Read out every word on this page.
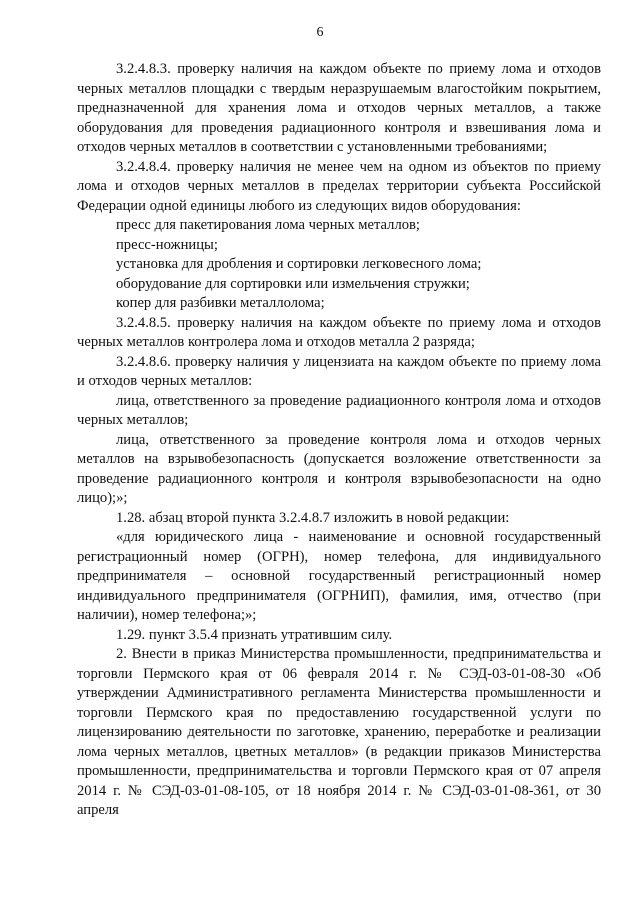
6

3.2.4.8.3. проверку наличия на каждом объекте по приему лома и отходов черных металлов площадки с твердым неразрушаемым влагостойким покрытием, предназначенной для хранения лома и отходов черных металлов, а также оборудования для проведения радиационного контроля и взвешивания лома и отходов черных металлов в соответствии с установленными требованиями;

3.2.4.8.4. проверку наличия не менее чем на одном из объектов по приему лома и отходов черных металлов в пределах территории субъекта Российской Федерации одной единицы любого из следующих видов оборудования:

пресс для пакетирования лома черных металлов;

пресс-ножницы;

установка для дробления и сортировки легковесного лома;

оборудование для сортировки или измельчения стружки;

копер для разбивки металлолома;

3.2.4.8.5. проверку наличия на каждом объекте по приему лома и отходов черных металлов контролера лома и отходов металла 2 разряда;

3.2.4.8.6. проверку наличия у лицензиата на каждом объекте по приему лома и отходов черных металлов:

лица, ответственного за проведение радиационного контроля лома и отходов черных металлов;

лица, ответственного за проведение контроля лома и отходов черных металлов на взрывобезопасность (допускается возложение ответственности за проведение радиационного контроля и контроля взрывобезопасности на одно лицо);»;

1.28. абзац второй пункта 3.2.4.8.7 изложить в новой редакции:

«для юридического лица - наименование и основной государственный регистрационный номер (ОГРН), номер телефона, для индивидуального предпринимателя – основной государственный регистрационный номер индивидуального предпринимателя (ОГРНИП), фамилия, имя, отчество (при наличии), номер телефона;»;

1.29. пункт 3.5.4 признать утратившим силу.

2. Внести в приказ Министерства промышленности, предпринимательства и торговли Пермского края от 06 февраля 2014 г. № СЭД-03-01-08-30 «Об утверждении Административного регламента Министерства промышленности и торговли Пермского края по предоставлению государственной услуги по лицензированию деятельности по заготовке, хранению, переработке и реализации лома черных металлов, цветных металлов» (в редакции приказов Министерства промышленности, предпринимательства и торговли Пермского края от 07 апреля 2014 г. № СЭД-03-01-08-105, от 18 ноября 2014 г. № СЭД-03-01-08-361, от 30 апреля
